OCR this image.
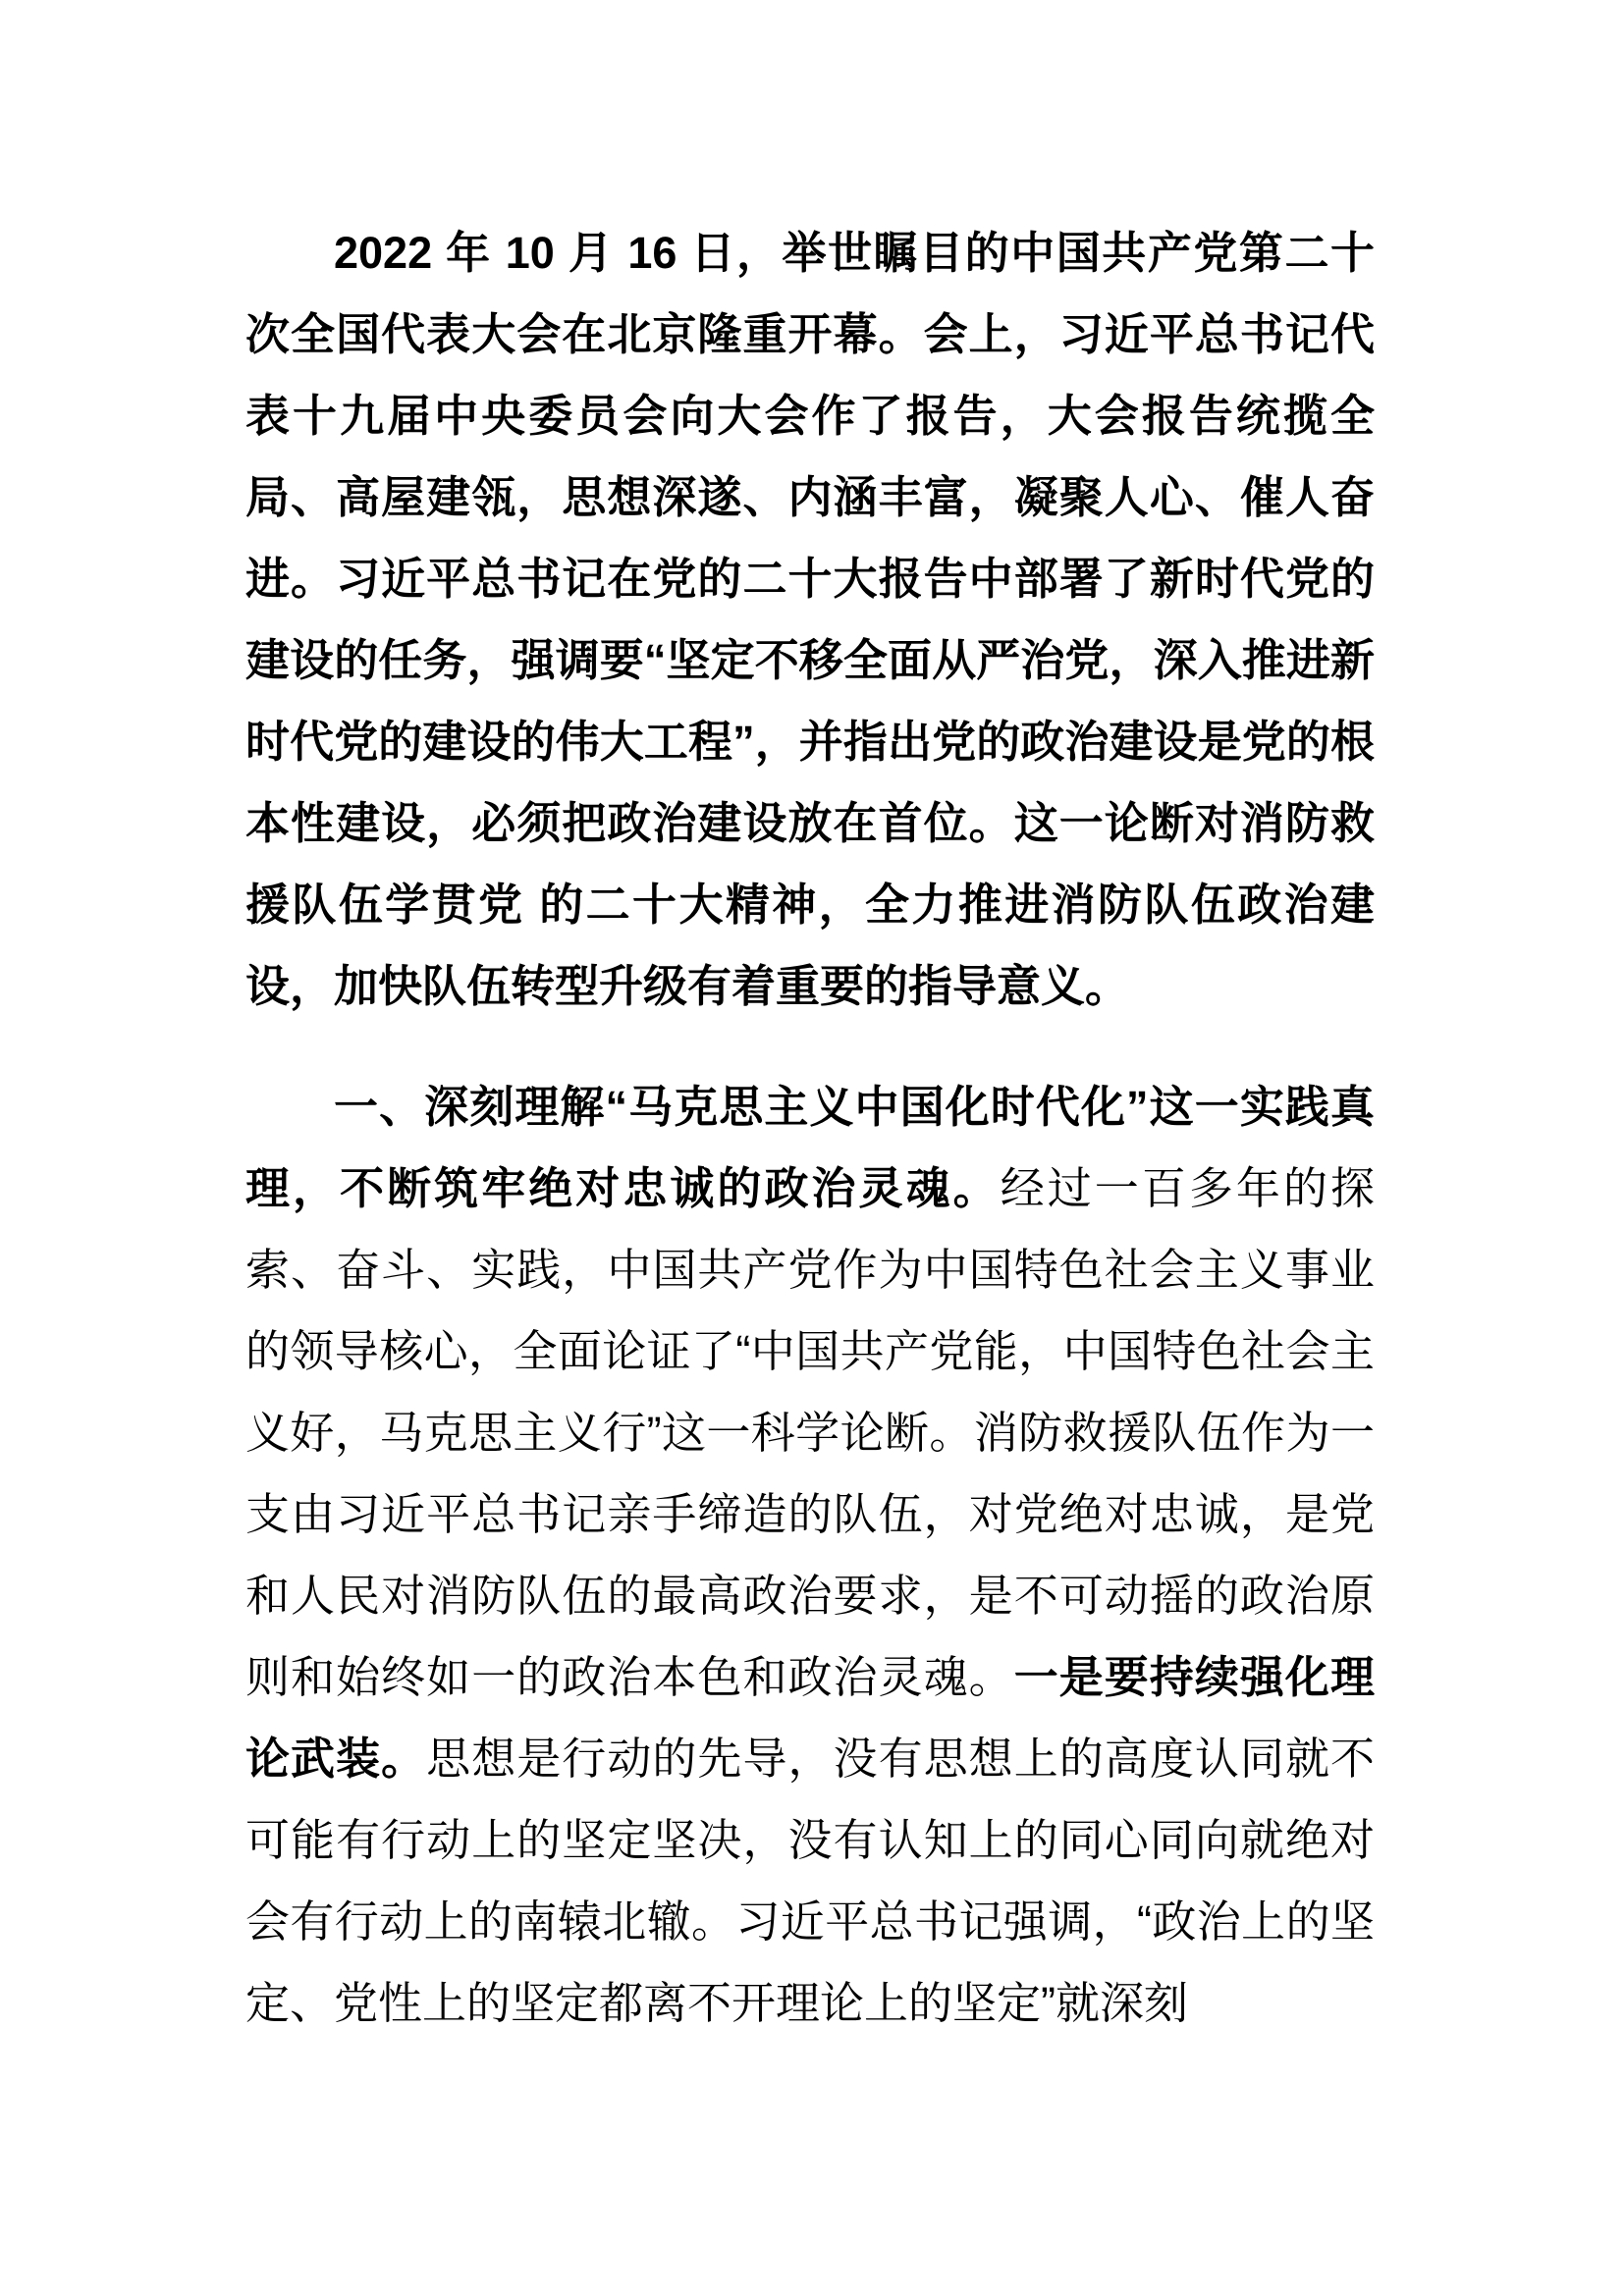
2022 年 10 月 16 日，举世瞩目的中国共产党第二十次全国代表大会在北京隆重开幕。会上，习近平总书记代表十九届中央委员会向大会作了报告，大会报告统揽全局、高屋建瓴，思想深遂、内涵丰富，凝聚人心、催人奋进。习近平总书记在党的二十大报告中部署了新时代党的建设的任务，强调要“坚定不移全面从严治党，深入推进新时代党的建设的伟大工程”，并指出党的政治建设是党的根本性建设，必须把政治建设放在首位。这一论断对消防救援队伍学贯党 的二十大精神，全力推进消防队伍政治建设，加快队伍转型升级有着重要的指导意义。

一、深刻理解“马克思主义中国化时代化”这一实践真理，不断筑牢绝对忠诚的政治灵魂。经过一百多年的探索、奋斗、实践，中国共产党作为中国特色社会主义事业的领导核心，全面论证了“中国共产党能，中国特色社会主义好，马克思主义行”这一科学论断。消防救援队伍作为一支由习近平总书记亲手缔造的队伍，对党绝对忠诚，是党和人民对消防队伍的最高政治要求，是不可动摇的政治原则和始终如一的政治本色和政治灵魂。一是要持续强化理论武装。思想是行动的先导，没有思想上的高度认同就不可能有行动上的坚定坚决，没有认知上的同心同向就绝对会有行动上的南辕北辙。习近平总书记强调，“政治上的坚定、党性上的坚定都离不开理论上的坚定”就深刻
